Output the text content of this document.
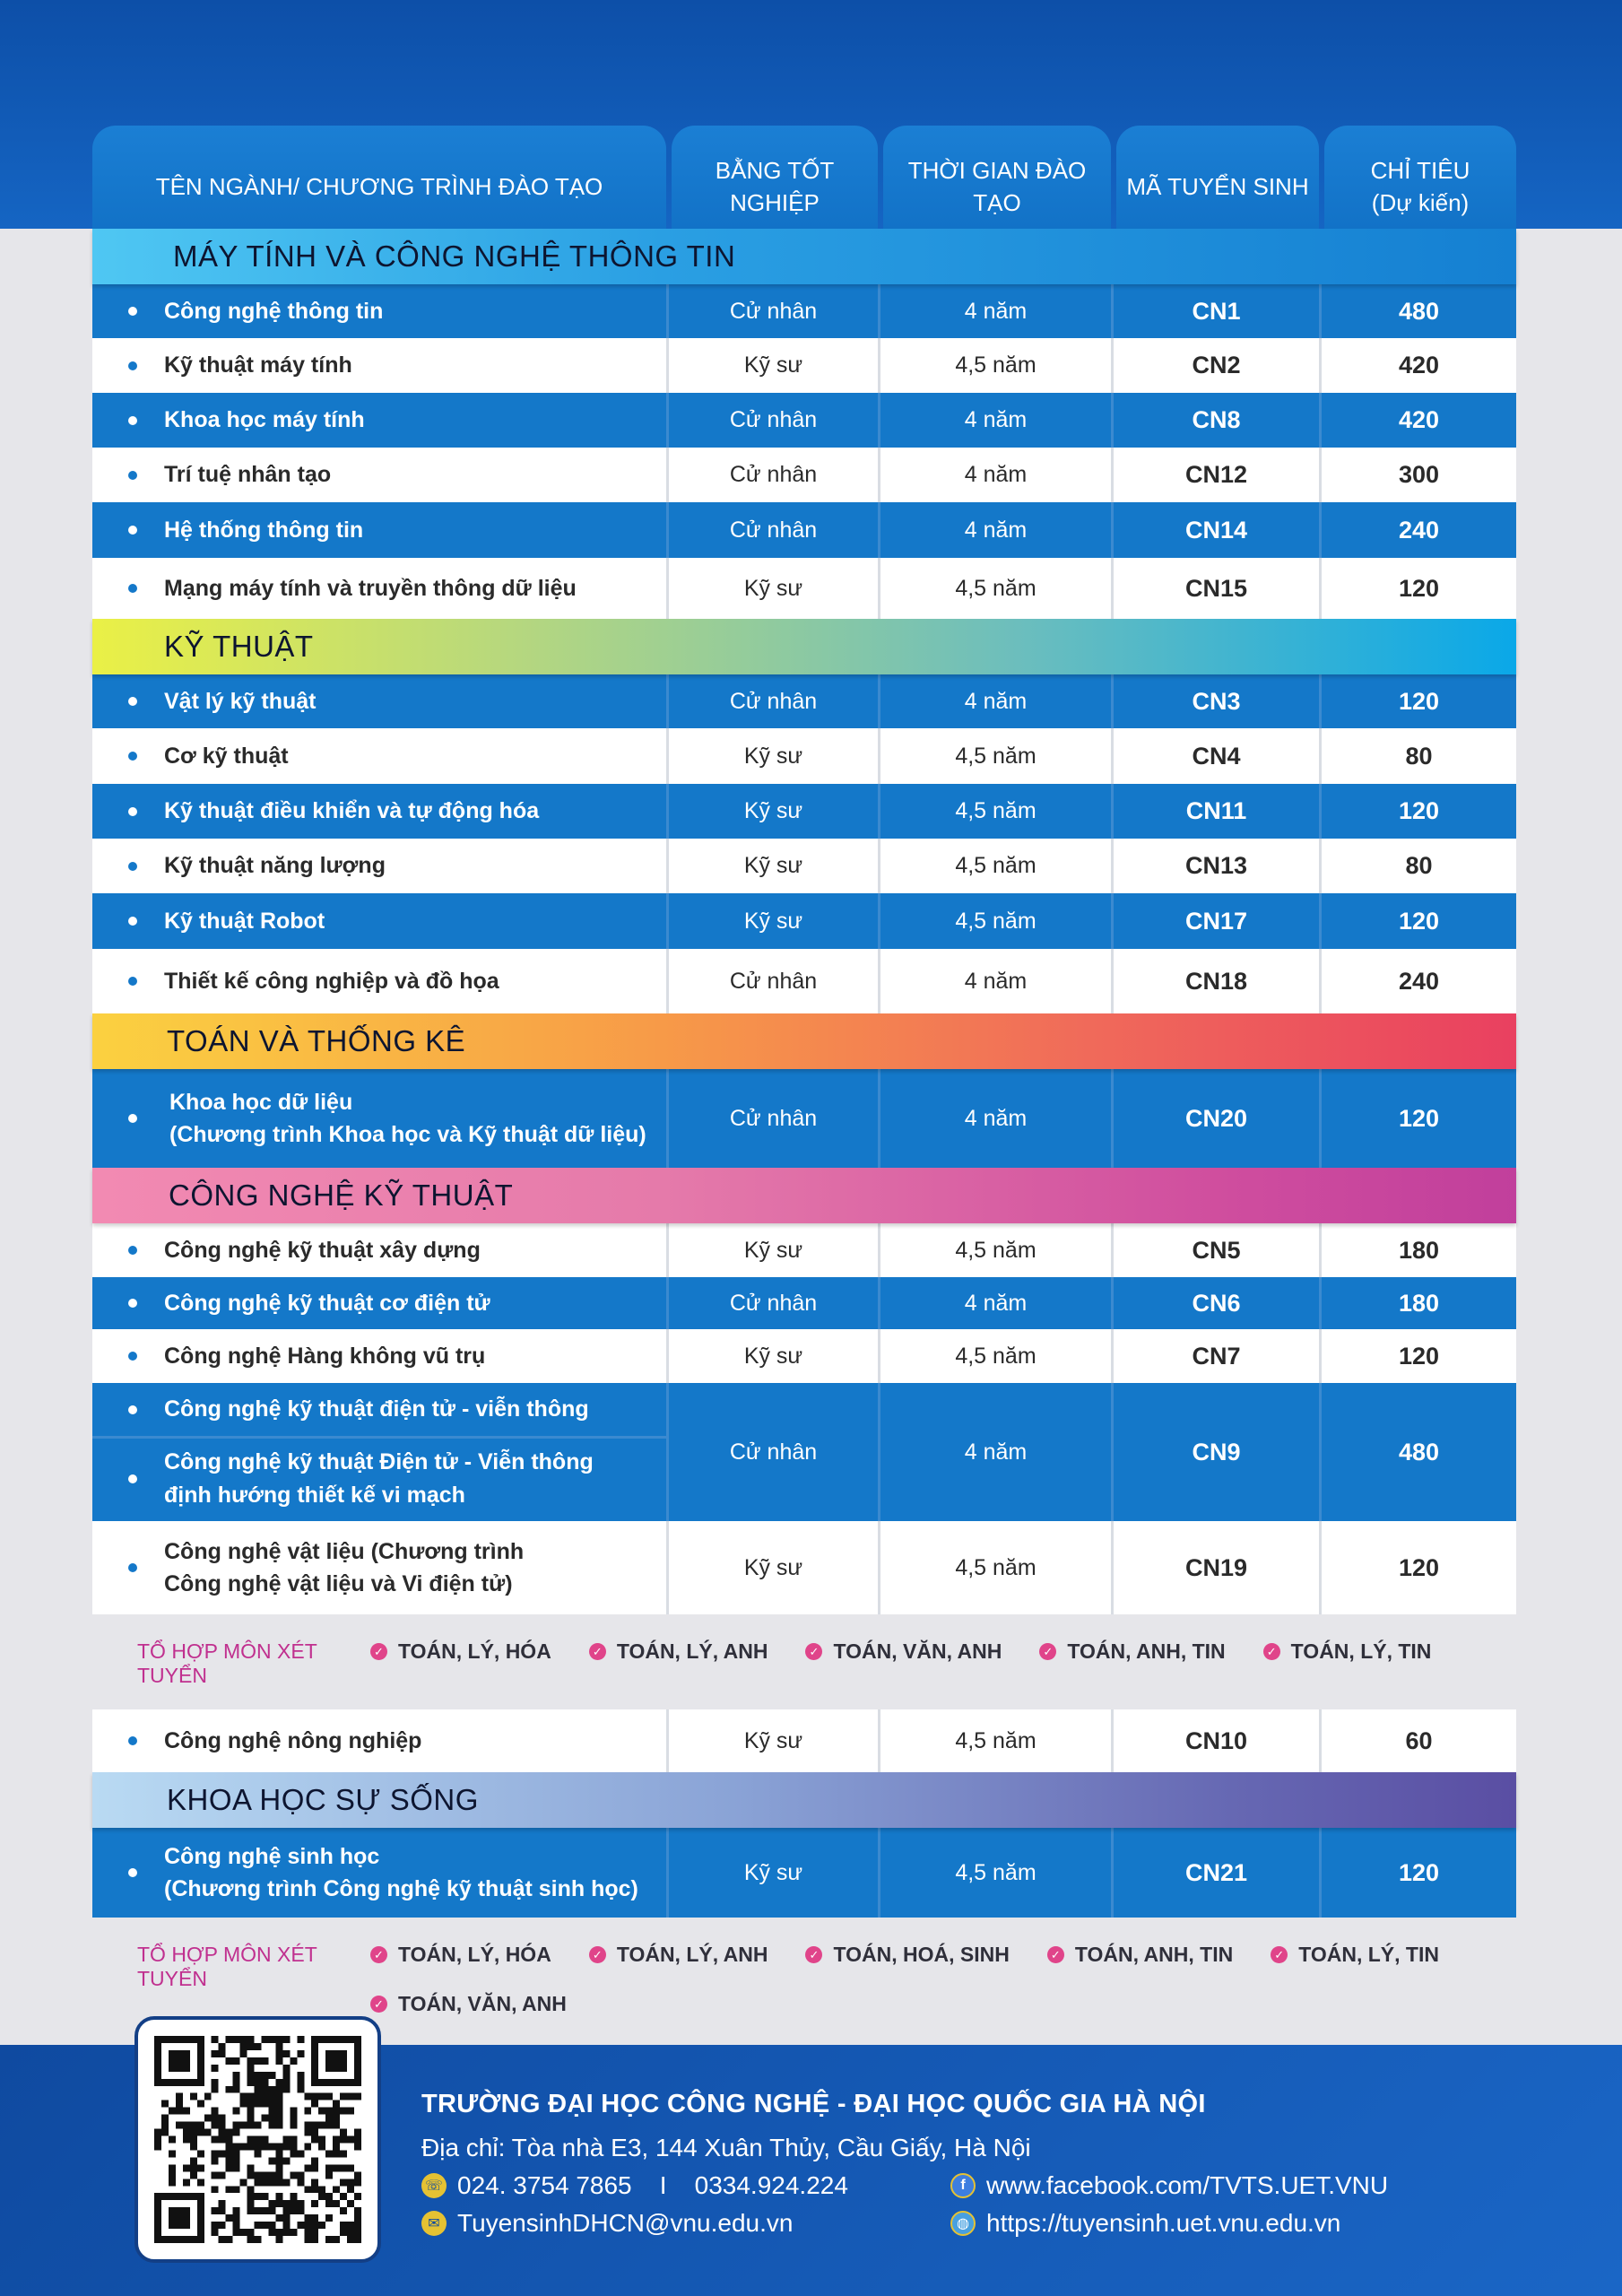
TÊN NGÀNH/ CHƯƠNG TRÌNH ĐÀO TẠO
BẰNG TỐT NGHIỆP
THỜI GIAN ĐÀO TẠO
MÃ TUYỂN SINH
CHỈ TIÊU
(Dự kiến)
MÁY TÍNH VÀ CÔNG NGHỆ THÔNG TIN
Công nghệ thông tin	Cử nhân	4 năm	CN1	480
Kỹ thuật máy tính	Kỹ sư	4,5 năm	CN2	420
Khoa học máy tính	Cử nhân	4 năm	CN8	420
Trí tuệ nhân tạo	Cử nhân	4 năm	CN12	300
Hệ thống thông tin	Cử nhân	4 năm	CN14	240
Mạng máy tính và truyền thông dữ liệu	Kỹ sư	4,5 năm	CN15	120
KỸ THUẬT
Vật lý kỹ thuật	Cử nhân	4 năm	CN3	120
Cơ kỹ thuật	Kỹ sư	4,5 năm	CN4	80
Kỹ thuật điều khiển và tự động hóa	Kỹ sư	4,5 năm	CN11	120
Kỹ thuật năng lượng	Kỹ sư	4,5 năm	CN13	80
Kỹ thuật Robot	Kỹ sư	4,5 năm	CN17	120
Thiết kế công nghiệp và đồ họa	Cử nhân	4 năm	CN18	240
TOÁN VÀ THỐNG KÊ
Khoa học dữ liệu
(Chương trình Khoa học và Kỹ thuật dữ liệu)
Cử nhân	4 năm	CN20	120
CÔNG NGHỆ KỸ THUẬT
Công nghệ kỹ thuật xây dựng	Kỹ sư	4,5 năm	CN5	180
Công nghệ kỹ thuật cơ điện tử	Cử nhân	4 năm	CN6	180
Công nghệ Hàng không vũ trụ	Kỹ sư	4,5 năm	CN7	120
Công nghệ kỹ thuật điện tử - viễn thông
Công nghệ kỹ thuật Điện tử - Viễn thông
định hướng thiết kế vi mạch
Cử nhân	4 năm	CN9	480
Công nghệ vật liệu (Chương trình
Công nghệ vật liệu và Vi điện tử)
Kỹ sư	4,5 năm	CN19	120
TỔ HỢP MÔN XÉT TUYỂN
✓ TOÁN, LÝ, HÓA	✓ TOÁN, LÝ, ANH	✓ TOÁN, VĂN, ANH	✓ TOÁN, ANH, TIN	✓ TOÁN, LÝ, TIN
Công nghệ nông nghiệp	Kỹ sư	4,5 năm	CN10	60
KHOA HỌC SỰ SỐNG
Công nghệ sinh học
(Chương trình Công nghệ kỹ thuật sinh học)
Kỹ sư	4,5 năm	CN21	120
TỔ HỢP MÔN XÉT TUYỂN
✓ TOÁN, LÝ, HÓA	✓ TOÁN, LÝ, ANH	✓ TOÁN, HOÁ, SINH	✓ TOÁN, ANH, TIN	✓ TOÁN, LÝ, TIN
✓ TOÁN, VĂN, ANH
TRƯỜNG ĐẠI HỌC CÔNG NGHỆ - ĐẠI HỌC QUỐC GIA HÀ NỘI
Địa chỉ: Tòa nhà E3, 144 Xuân Thủy, Cầu Giấy, Hà Nội
☏ 024. 3754 7865    I    0334.924.224
✉ TuyensinhDHCN@vnu.edu.vn
f www.facebook.com/TVTS.UET.VNU
◍ https://tuyensinh.uet.vnu.edu.vn
